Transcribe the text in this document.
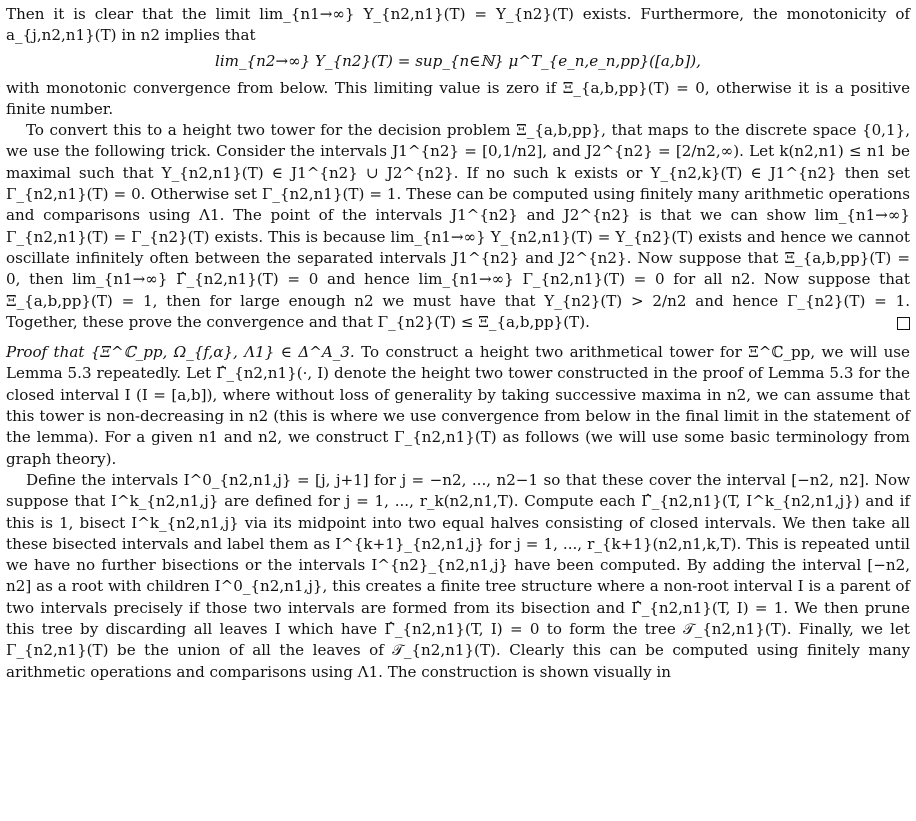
Then it is clear that the limit lim_{n1→∞} Υ_{n2,n1}(T) = Υ_{n2}(T) exists. Furthermore, the monotonicity of a_{j,n2,n1}(T) in n2 implies that

lim_{n2→∞} Υ_{n2}(T) = sup_{n∈ℕ} μ^T_{e_n,e_n,pp}([a,b]),

with monotonic convergence from below. This limiting value is zero if Ξ_{a,b,pp}(T) = 0, otherwise it is a positive finite number.

To convert this to a height two tower for the decision problem Ξ_{a,b,pp}, that maps to the discrete space {0,1}, we use the following trick. Consider the intervals J1^{n2} = [0,1/n2], and J2^{n2} = [2/n2,∞). Let k(n2,n1) ≤ n1 be maximal such that Υ_{n2,n1}(T) ∈ J1^{n2} ∪ J2^{n2}. If no such k exists or Υ_{n2,k}(T) ∈ J1^{n2} then set Γ_{n2,n1}(T) = 0. Otherwise set Γ_{n2,n1}(T) = 1. These can be computed using finitely many arithmetic operations and comparisons using Λ1. The point of the intervals J1^{n2} and J2^{n2} is that we can show lim_{n1→∞} Γ_{n2,n1}(T) = Γ_{n2}(T) exists. This is because lim_{n1→∞} Υ_{n2,n1}(T) = Υ_{n2}(T) exists and hence we cannot oscillate infinitely often between the separated intervals J1^{n2} and J2^{n2}. Now suppose that Ξ_{a,b,pp}(T) = 0, then lim_{n1→∞} Γ̂_{n2,n1}(T) = 0 and hence lim_{n1→∞} Γ_{n2,n1}(T) = 0 for all n2. Now suppose that Ξ_{a,b,pp}(T) = 1, then for large enough n2 we must have that Υ_{n2}(T) > 2/n2 and hence Γ_{n2}(T) = 1. Together, these prove the convergence and that Γ_{n2}(T) ≤ Ξ_{a,b,pp}(T).

Proof that {Ξ^ℂ_pp, Ω_{f,α}, Λ1} ∈ Δ^A_3. To construct a height two arithmetical tower for Ξ^ℂ_pp, we will use Lemma 5.3 repeatedly. Let Γ̂_{n2,n1}(·, I) denote the height two tower constructed in the proof of Lemma 5.3 for the closed interval I (I = [a,b]), where without loss of generality by taking successive maxima in n2, we can assume that this tower is non-decreasing in n2 (this is where we use convergence from below in the final limit in the statement of the lemma). For a given n1 and n2, we construct Γ_{n2,n1}(T) as follows (we will use some basic terminology from graph theory).

Define the intervals I^0_{n2,n1,j} = [j, j+1] for j = −n2, ..., n2−1 so that these cover the interval [−n2, n2]. Now suppose that I^k_{n2,n1,j} are defined for j = 1, ..., r_k(n2,n1,T). Compute each Γ̂_{n2,n1}(T, I^k_{n2,n1,j}) and if this is 1, bisect I^k_{n2,n1,j} via its midpoint into two equal halves consisting of closed intervals. We then take all these bisected intervals and label them as I^{k+1}_{n2,n1,j} for j = 1, ..., r_{k+1}(n2,n1,k,T). This is repeated until we have no further bisections or the intervals I^{n2}_{n2,n1,j} have been computed. By adding the interval [−n2, n2] as a root with children I^0_{n2,n1,j}, this creates a finite tree structure where a non-root interval I is a parent of two intervals precisely if those two intervals are formed from its bisection and Γ̂_{n2,n1}(T, I) = 1. We then prune this tree by discarding all leaves I which have Γ̂_{n2,n1}(T, I) = 0 to form the tree 𝒯_{n2,n1}(T). Finally, we let Γ_{n2,n1}(T) be the union of all the leaves of 𝒯_{n2,n1}(T). Clearly this can be computed using finitely many arithmetic operations and comparisons using Λ1. The construction is shown visually in
